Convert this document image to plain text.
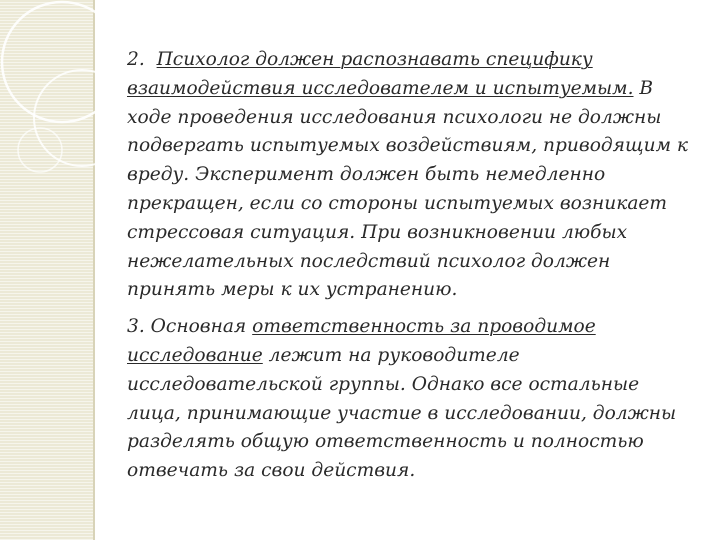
2. Психолог должен распознавать специфику взаимодействия исследователем и испытуемым. В ходе проведения исследования психологи не должны подвергать испытуемых воздействиям, приводящим к вреду. Эксперимент должен быть немедленно прекращен, если со стороны испытуемых возникает стрессовая ситуация. При возникновении любых нежелательных последствий психолог должен принять меры к их устранению.

3. Основная ответственность за проводимое исследование лежит на руководителе исследовательской группы. Однако все остальные лица, принимающие участие в исследовании, должны разделять общую ответственность и полностью отвечать за свои действия.
